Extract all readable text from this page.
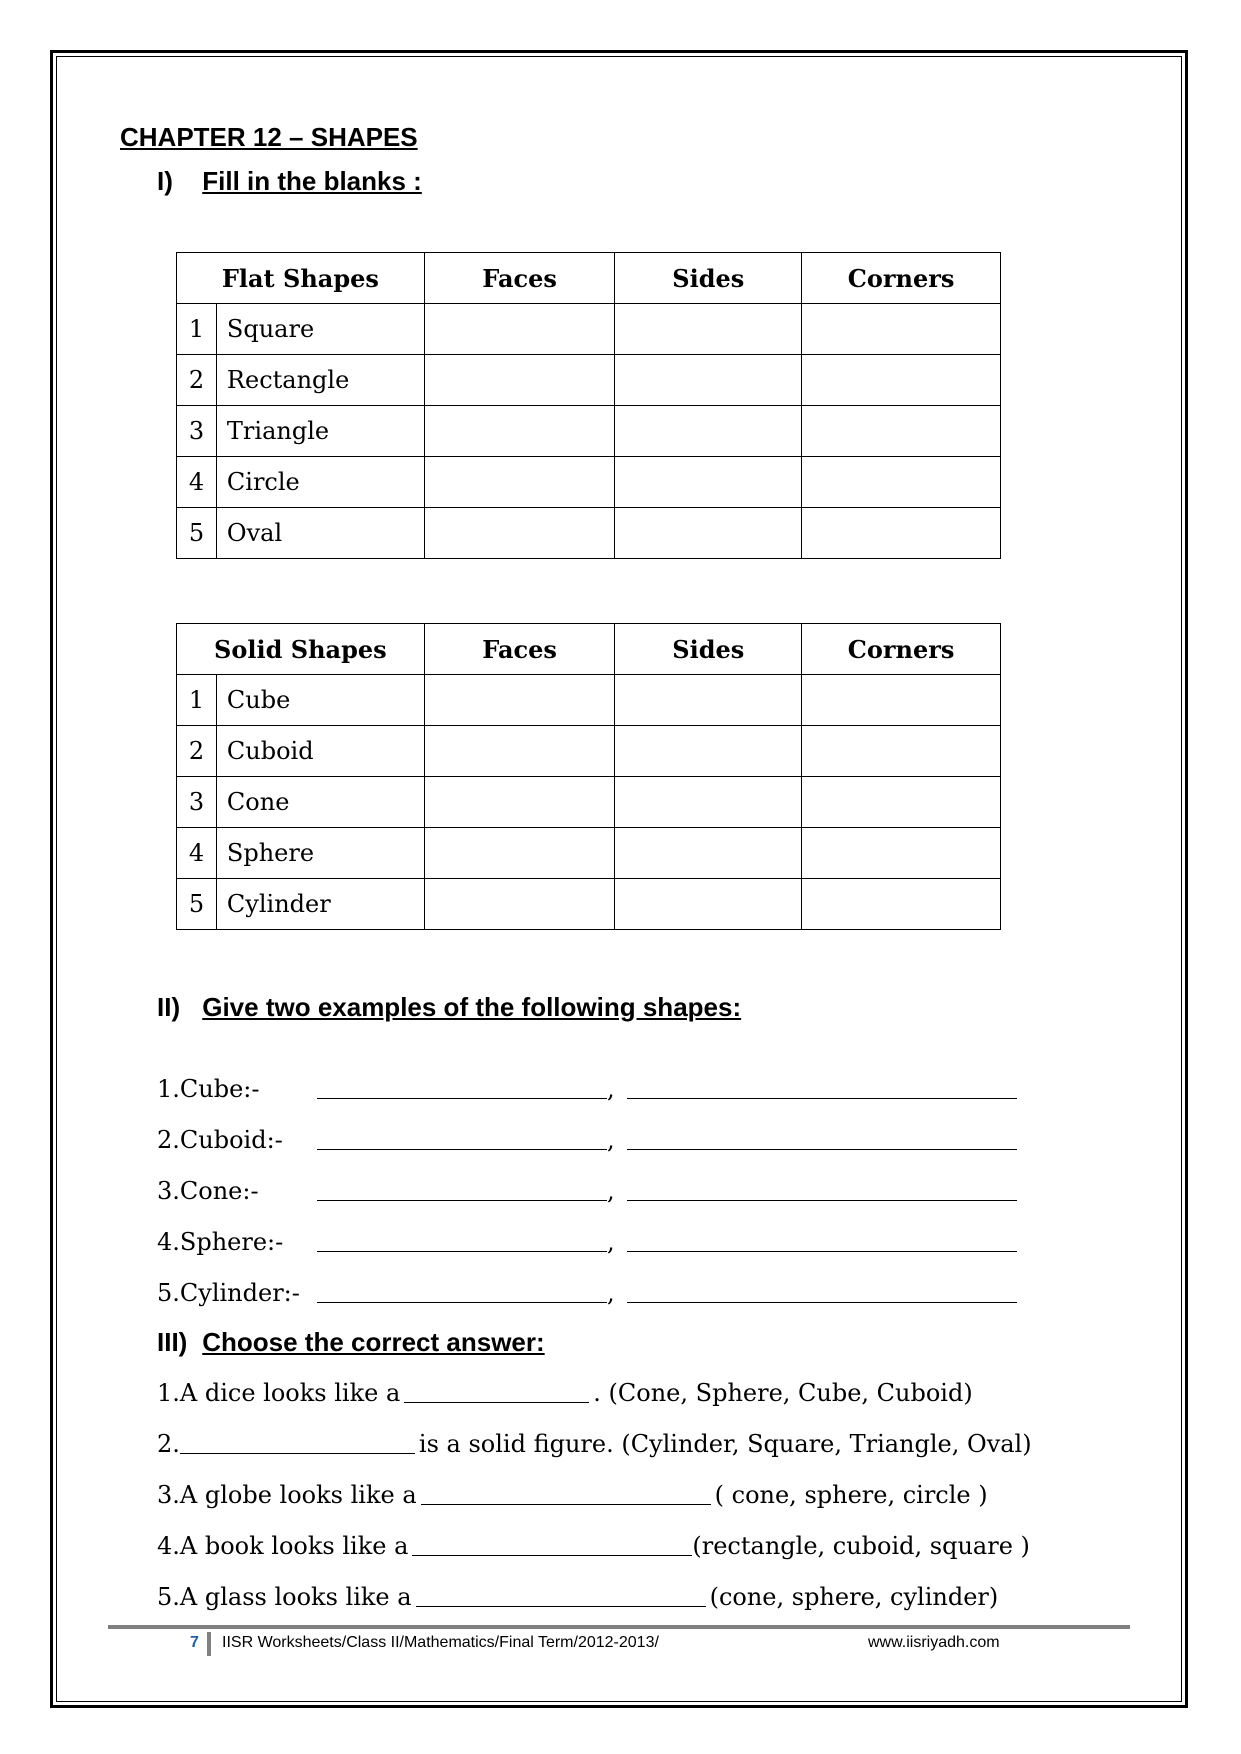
CHAPTER 12 – SHAPES
I) Fill in the blanks :
Flat Shapes		Faces	Sides	Corners
1	Square			
2	Rectangle			
3	Triangle			
4	Circle			
5	Oval			
Solid Shapes		Faces	Sides	Corners
1	Cube			
2	Cuboid			
3	Cone			
4	Sphere			
5	Cylinder			
II) Give two examples of the following shapes:
1.Cube:-	,
2.Cuboid:-	,
3.Cone:-	,
4.Sphere:-	,
5.Cylinder:-	,
III) Choose the correct answer:
1.A dice looks like a	. (Cone, Sphere, Cube, Cuboid)
2.	is a solid figure. (Cylinder, Square, Triangle, Oval)
3.A globe looks like a	( cone, sphere, circle )
4.A book looks like a	(rectangle, cuboid, square )
5.A glass looks like a	(cone, sphere, cylinder)
7 IISR Worksheets/Class II/Mathematics/Final Term/2012-2013/	www.iisriyadh.com
